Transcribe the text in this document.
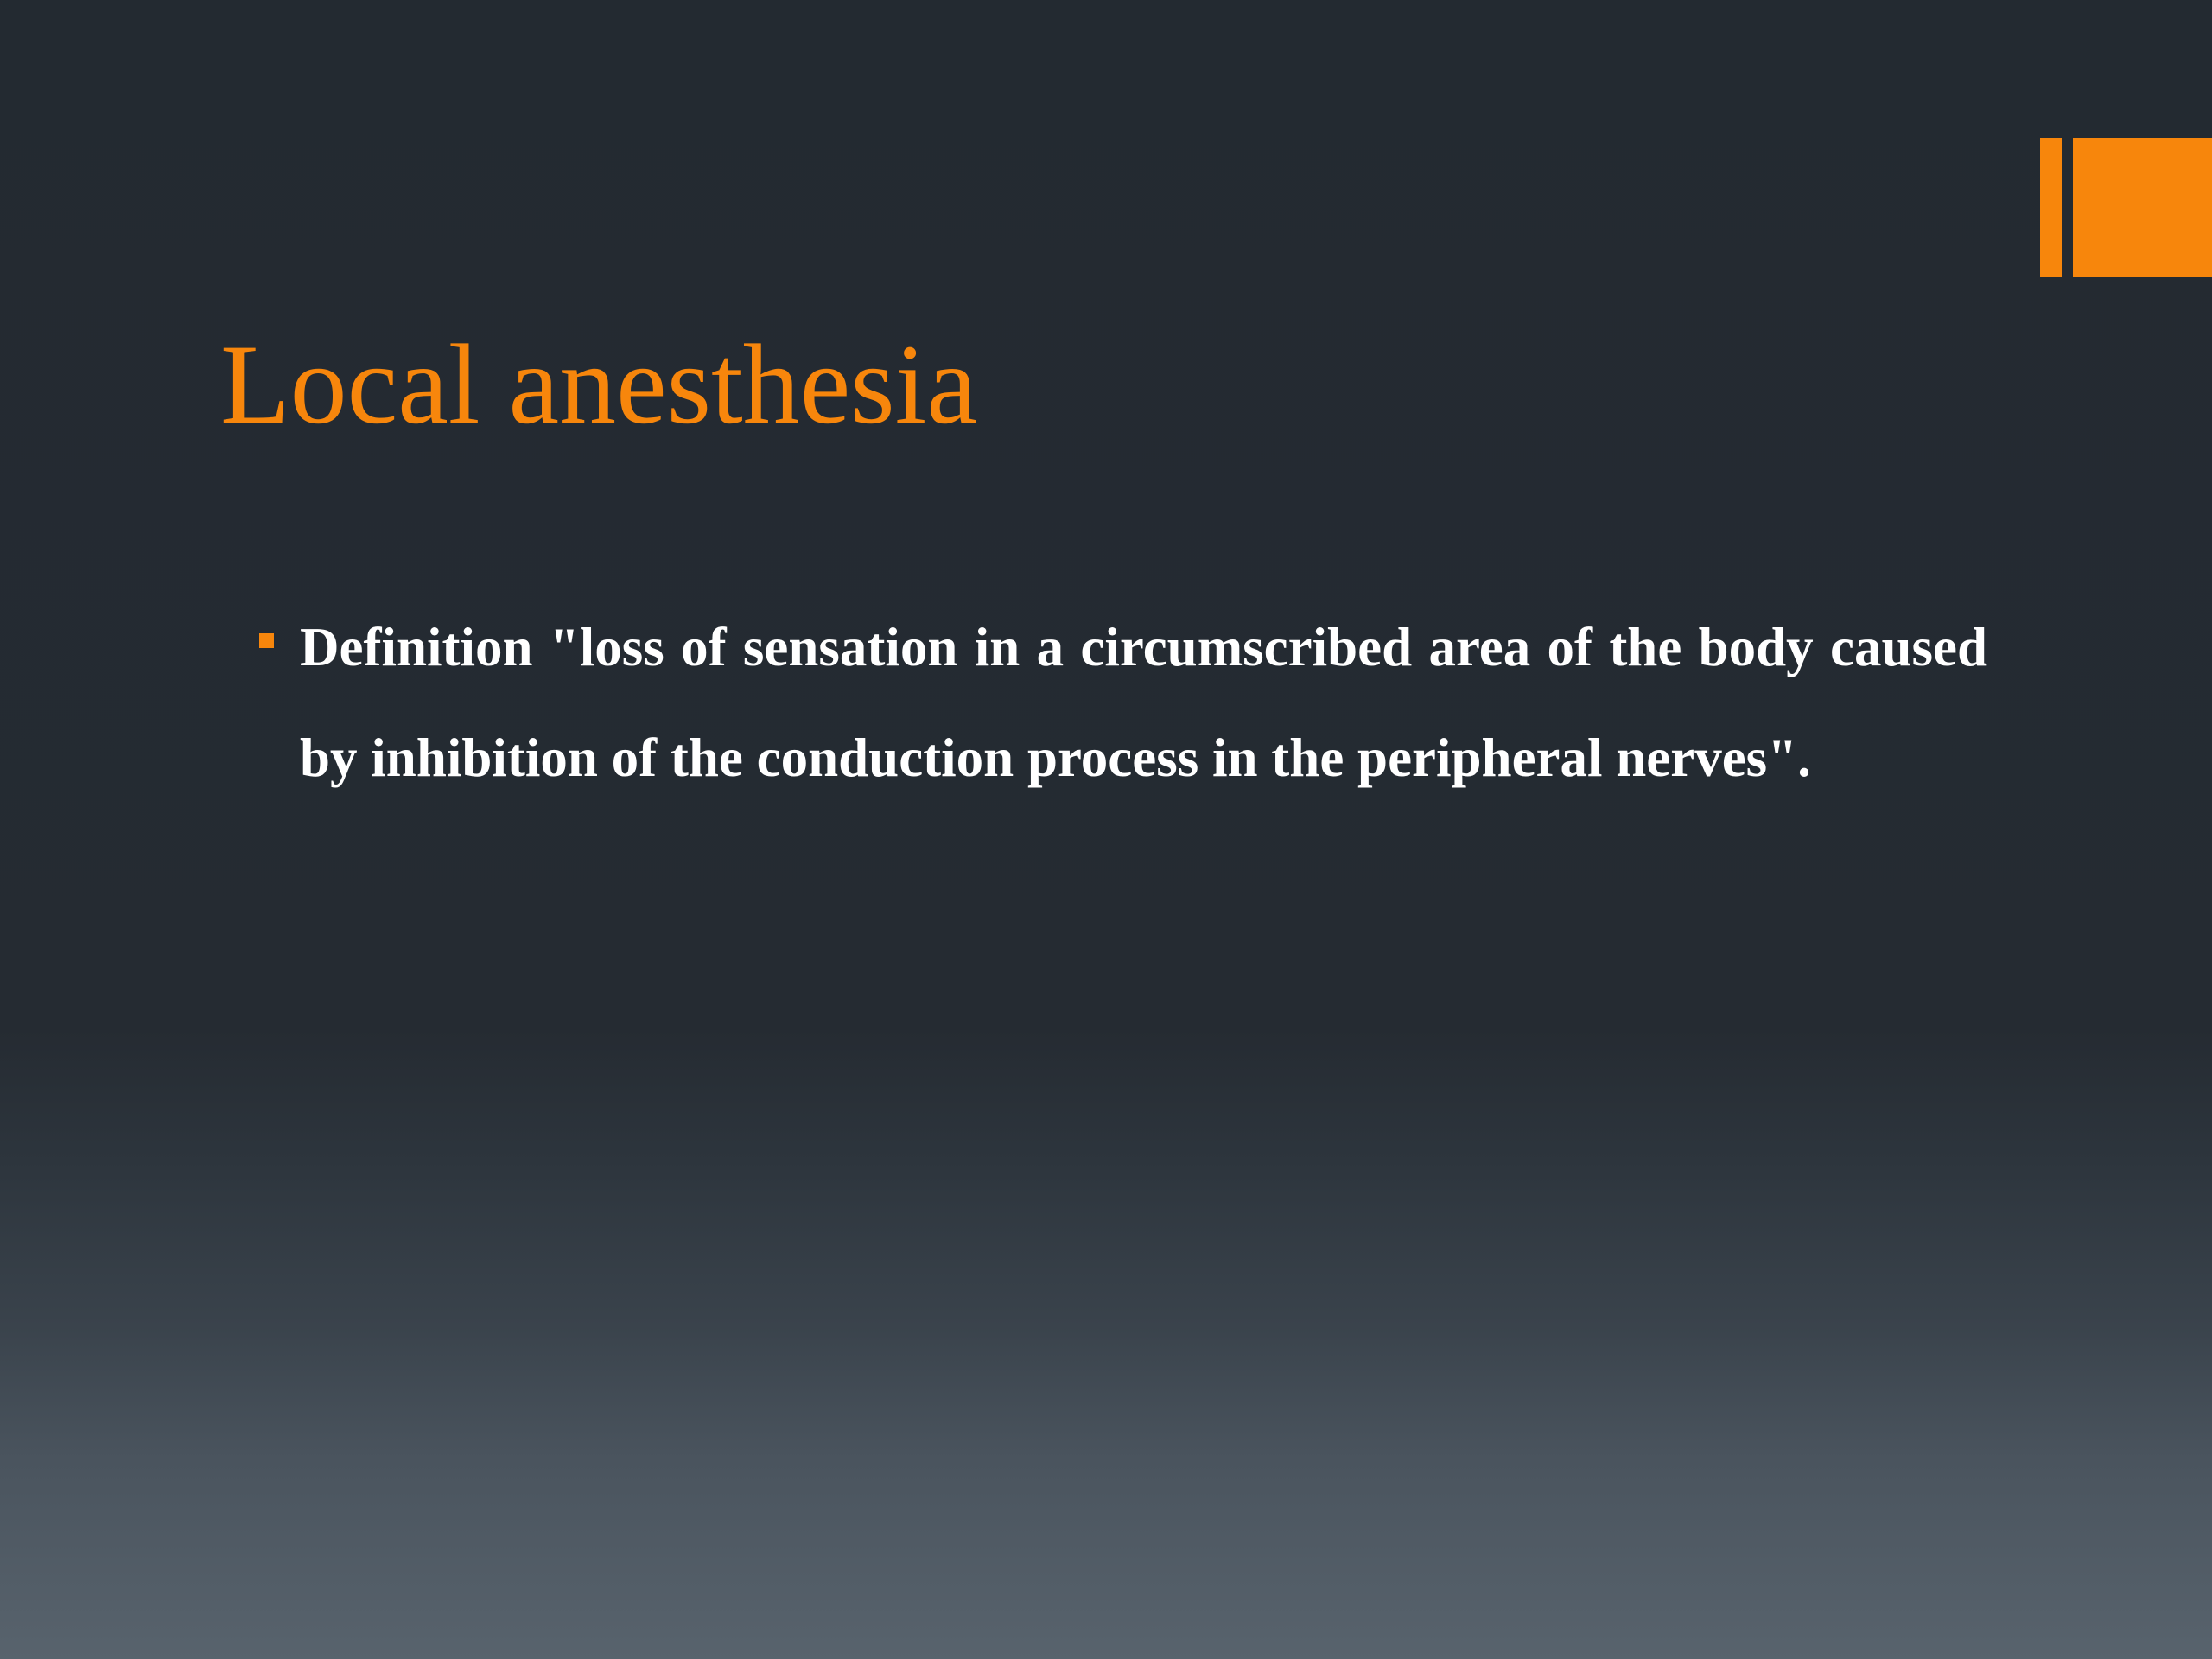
Local anesthesia
Definition "loss of sensation in a circumscribed area of the body caused by inhibition of the conduction process in the peripheral nerves".
